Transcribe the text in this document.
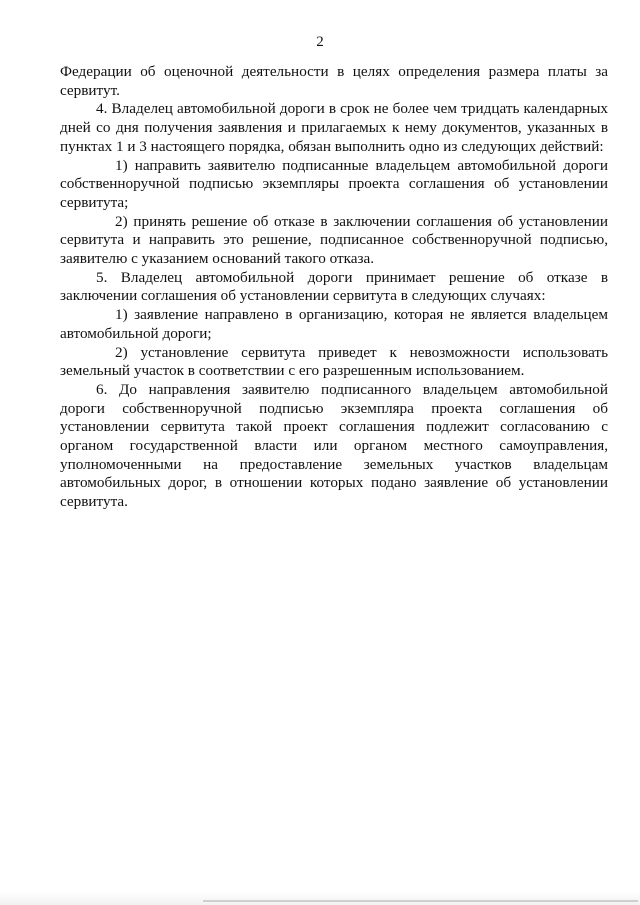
2

Федерации об оценочной деятельности в целях определения размера платы за сервитут.

4. Владелец автомобильной дороги в срок не более чем тридцать календарных дней со дня получения заявления и прилагаемых к нему документов, указанных в пунктах 1 и 3 настоящего порядка, обязан выполнить одно из следующих действий:

1) направить заявителю подписанные владельцем автомобильной дороги собственноручной подписью экземпляры проекта соглашения об установлении сервитута;

2) принять решение об отказе в заключении соглашения об установлении сервитута и направить это решение, подписанное собственноручной подписью, заявителю с указанием оснований такого отказа.

5. Владелец автомобильной дороги принимает решение об отказе в заключении соглашения об установлении сервитута в следующих случаях:

1) заявление направлено в организацию, которая не является владельцем автомобильной дороги;

2) установление сервитута приведет к невозможности использовать земельный участок в соответствии с его разрешенным использованием.

6. До направления заявителю подписанного владельцем автомобильной дороги собственноручной подписью экземпляра проекта соглашения об установлении сервитута такой проект соглашения подлежит согласованию с органом государственной власти или органом местного самоуправления, уполномоченными на предоставление земельных участков владельцам автомобильных дорог, в отношении которых подано заявление об установлении сервитута.
